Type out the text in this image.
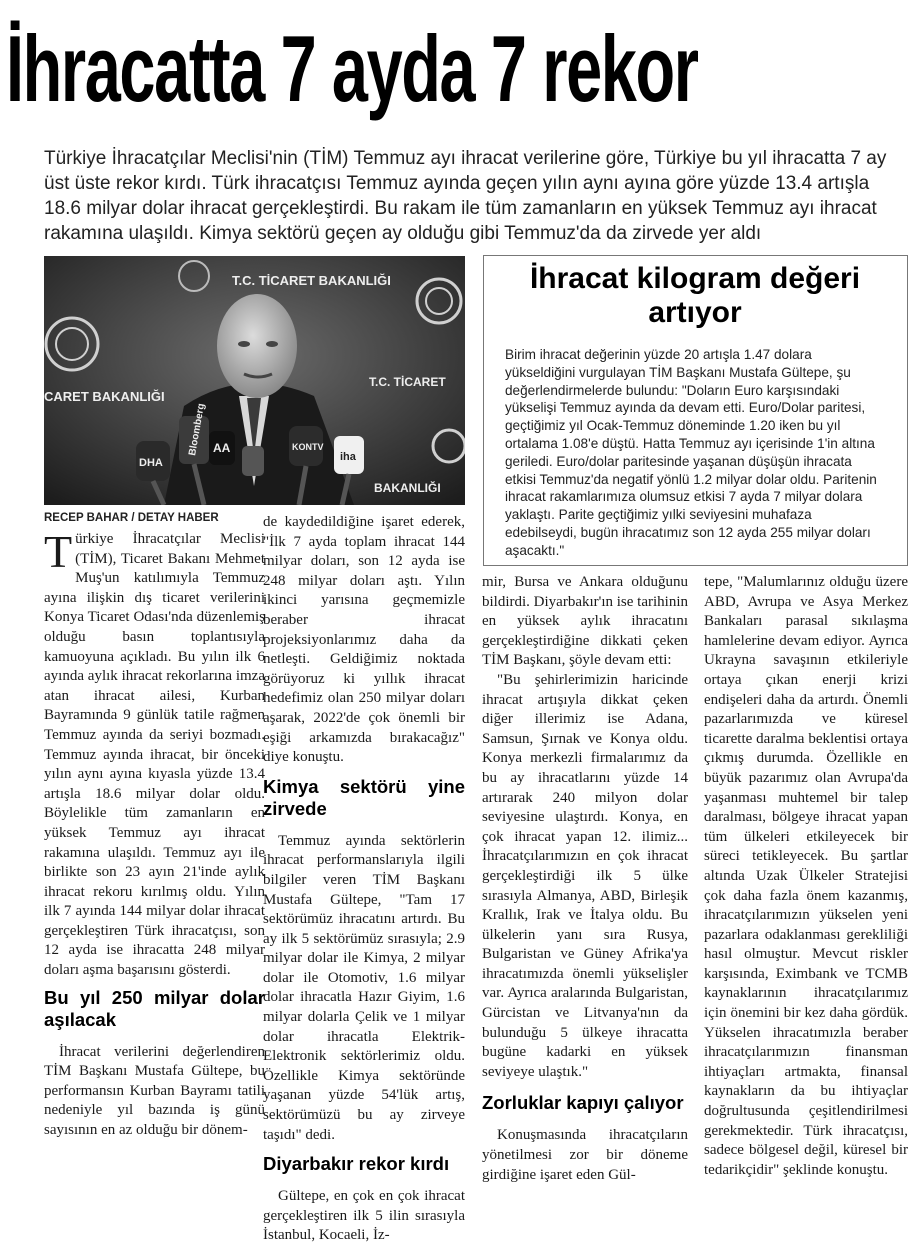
İhracatta 7 ayda 7 rekor

Türkiye İhracatçılar Meclisi'nin (TİM) Temmuz ayı ihracat verilerine göre, Türkiye bu yıl ihracatta 7 ay üst üste rekor kırdı. Türk ihracatçısı Temmuz ayında geçen yılın aynı ayına göre yüzde 13.4 artışla 18.6 milyar dolar ihracat gerçekleştirdi. Bu rakam ile tüm zamanların en yüksek Temmuz ayı ihracat rakamına ulaşıldı. Kimya sektörü geçen ay olduğu gibi Temmuz'da da zirvede yer aldı

T.C. TİCARET BAKANLIĞI
CARET BAKANLIĞI
T.C. TİCARET
BAKANLIĞI
DHA
Bloomberg AA	KONTV
iha

RECEP BAHAR / DETAY HABER

Türkiye İhracatçılar Meclisi (TİM), Ticaret Bakanı Mehmet Muş'un katılımıyla Temmuz ayına ilişkin dış ticaret verilerini Konya Ticaret Odası'nda düzenlemiş olduğu basın toplantısıyla kamuoyuna açıkladı. Bu yılın ilk 6 ayında aylık ihracat rekorlarına imza atan ihracat ailesi, Kurban Bayramında 9 günlük tatile rağmen Temmuz ayında da seriyi bozmadı. Temmuz ayında ihracat, bir önceki yılın aynı ayına kıyasla yüzde 13.4 artışla 18.6 milyar dolar oldu. Böylelikle tüm zamanların en yüksek Temmuz ayı ihracat rakamına ulaşıldı. Temmuz ayı ile birlikte son 23 ayın 21'inde aylık ihracat rekoru kırılmış oldu. Yılın ilk 7 ayında 144 milyar dolar ihracat gerçekleştiren Türk ihracatçısı, son 12 ayda ise ihracatta 248 milyar doları aşma başarısını gösterdi.

Bu yıl 250 milyar dolar aşılacak

İhracat verilerini değerlendiren TİM Başkanı Mustafa Gültepe, bu performansın Kurban Bayramı tatili nedeniyle yıl bazında iş günü sayısının en az olduğu bir dönem-

de kaydedildiğine işaret ederek, "İlk 7 ayda toplam ihracat 144 milyar doları, son 12 ayda ise 248 milyar doları aştı. Yılın ikinci yarısına geçmemizle beraber ihracat projeksiyonlarımız daha da netleşti. Geldiğimiz noktada görüyoruz ki yıllık ihracat hedefimiz olan 250 milyar doları aşarak, 2022'de çok önemli bir eşiği arkamızda bırakacağız" diye konuştu.

Kimya sektörü yine zirvede

Temmuz ayında sektörlerin ihracat performanslarıyla ilgili bilgiler veren TİM Başkanı Mustafa Gültepe, "Tam 17 sektörümüz ihracatını artırdı. Bu ay ilk 5 sektörümüz sırasıyla; 2.9 milyar dolar ile Kimya, 2 milyar dolar ile Otomotiv, 1.6 milyar dolar ihracatla Hazır Giyim, 1.6 milyar dolarla Çelik ve 1 milyar dolar ihracatla Elektrik-Elektronik sektörlerimiz oldu. Özellikle Kimya sektöründe yaşanan yüzde 54'lük artış, sektörümüzü bu ay zirveye taşıdı" dedi.

Diyarbakır rekor kırdı

Gültepe, en çok en çok ihracat gerçekleştiren ilk 5 ilin sırasıyla İstanbul, Kocaeli, İz-

mir, Bursa ve Ankara olduğunu bildirdi. Diyarbakır'ın ise tarihinin en yüksek aylık ihracatını gerçekleştirdiğine dikkati çeken TİM Başkanı, şöyle devam etti:

"Bu şehirlerimizin haricinde ihracat artışıyla dikkat çeken diğer illerimiz ise Adana, Samsun, Şırnak ve Konya oldu. Konya merkezli firmalarımız da bu ay ihracatlarını yüzde 14 artırarak 240 milyon dolar seviyesine ulaştırdı. Konya, en çok ihracat yapan 12. ilimiz... İhracatçılarımızın en çok ihracat gerçekleştirdiği ilk 5 ülke sırasıyla Almanya, ABD, Birleşik Krallık, Irak ve İtalya oldu. Bu ülkelerin yanı sıra Rusya, Bulgaristan ve Güney Afrika'ya ihracatımızda önemli yükselişler var. Ayrıca aralarında Bulgaristan, Gürcistan ve Litvanya'nın da bulunduğu 5 ülkeye ihracatta bugüne kadarki en yüksek seviyeye ulaştık."

Zorluklar kapıyı çalıyor

Konuşmasında ihracatçıların yönetilmesi zor bir döneme girdiğine işaret eden Gül-

tepe, "Malumlarınız olduğu üzere ABD, Avrupa ve Asya Merkez Bankaları parasal sıkılaşma hamlelerine devam ediyor. Ayrıca Ukrayna savaşının etkileriyle ortaya çıkan enerji krizi endişeleri daha da artırdı. Önemli pazarlarımızda ve küresel ticarette daralma beklentisi ortaya çıkmış durumda. Özellikle en büyük pazarımız olan Avrupa'da yaşanması muhtemel bir talep daralması, bölgeye ihracat yapan tüm ülkeleri etkileyecek bir süreci tetikleyecek. Bu şartlar altında Uzak Ülkeler Stratejisi çok daha fazla önem kazanmış, ihracatçılarımızın yükselen yeni pazarlara odaklanması gerekliliği hasıl olmuştur. Mevcut riskler karşısında, Eximbank ve TCMB kaynaklarının ihracatçılarımız için önemini bir kez daha gördük. Yükselen ihracatımızla beraber ihracatçılarımızın finansman ihtiyaçları artmakta, finansal kaynakların da bu ihtiyaçlar doğrultusunda çeşitlendirilmesi gerekmektedir. Türk ihracatçısı, sadece bölgesel değil, küresel bir tedarikçidir" şeklinde konuştu.

İhracat kilogram değeri artıyor

Birim ihracat değerinin yüzde 20 artışla 1.47 dolara yükseldiğini vurgulayan TİM Başkanı Mustafa Gültepe, şu değerlendirmelerde bulundu: "Doların Euro karşısındaki yükselişi Temmuz ayında da devam etti. Euro/Dolar paritesi, geçtiğimiz yıl Ocak-Temmuz döneminde 1.20 iken bu yıl ortalama 1.08'e düştü. Hatta Temmuz ayı içerisinde 1'in altına geriledi. Euro/dolar paritesinde yaşanan düşüşün ihracata etkisi Temmuz'da negatif yönlü 1.2 milyar dolar oldu. Paritenin ihracat rakamlarımıza olumsuz etkisi 7 ayda 7 milyar dolara yaklaştı. Parite geçtiğimiz yılki seviyesini muhafaza edebilseydi, bugün ihracatımız son 12 ayda 255 milyar doları aşacaktı."
